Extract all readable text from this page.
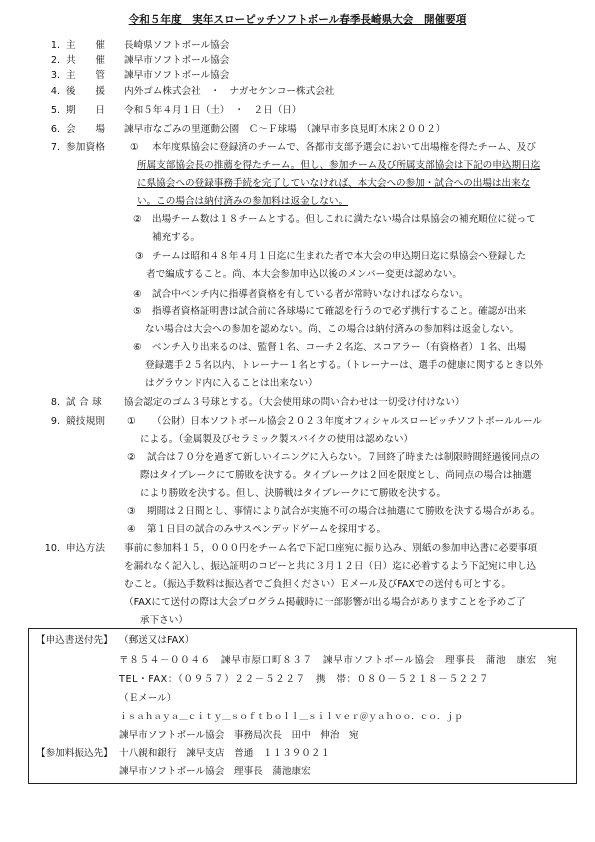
令和５年度　実年スローピッチソフトボール春季長崎県大会　開催要項
1. 主　　催	長崎県ソフトボール協会
2. 共　　催	諫早市ソフトボール協会
3. 主　　管	諫早市ソフトボール協会
4. 後　　援	内外ゴム株式会社　・　ナガセケンコー株式会社
5. 期　　日	令和５年４月１日（土）　・　２日（日）
6. 会　　場	諫早市なごみの里運動公園　Ｃ～Ｆ球場　（諫早市多良見町木床２００２）
7. 参加資格	① 本年度県協会に登録済のチームで、各都市支部予選会において出場権を得たチーム、及び
所属支部協会長の推薦を得たチーム。但し、参加チーム及び所属支部協会は下記の申込期日迄
に県協会への登録事務手続を完了していなければ、本大会への参加・試合への出場は出来な
い。この場合は納付済みの参加料は返金しない。
② 出場チーム数は１８チームとする。但しこれに満たない場合は県協会の補充順位に従って
補充する。
③ チームは昭和４８年４月１日迄に生まれた者で本大会の申込期日迄に県協会へ登録した
者で編成すること。尚、本大会参加申込以後のメンバー変更は認めない。
④ 試合中ベンチ内に指導者資格を有している者が常時いなければならない。
⑤ 指導者資格証明書は試合前に各球場にて確認を行うので必ず携行すること。確認が出来
ない場合は大会への参加を認めない。尚、この場合は納付済みの参加料は返金しない。
⑥ ベンチ入り出来るのは、監督１名、コーチ２名迄、スコアラー（有資格者）１名、出場
登録選手２５名以内、トレーナー１名とする。（トレーナーは、選手の健康に関するとき以外
はグラウンド内に入ることは出来ない）
8. 試 合 球	協会認定のゴム３号球とする。（大会使用球の問い合わせは一切受け付けない）
9. 競技規則	① （公財）日本ソフトボール協会２０２３年度オフィシャルスローピッチソフトボールルール
による。（金属製及びセラミック製スパイクの使用は認めない）
② 試合は７０分を過ぎて新しいイニングに入らない。７回終了時または制限時間経過後同点の
際はタイブレークにて勝敗を決する。タイブレークは２回を限度とし、尚同点の場合は抽選
により勝敗を決する。但し、決勝戦はタイブレークにて勝敗を決する。
③ 期間は２日間とし、事情により試合が実施不可の場合は抽選にて勝敗を決する場合がある。
④ 第１日目の試合のみサスペンデッドゲームを採用する。
10. 申込方法	事前に参加料１５，０００円をチーム名で下記口座宛に振り込み、別紙の参加申込書に必要事項
を漏れなく記入し、振込証明のコピーと共に３月１２日（日）迄に必着するよう下記宛に申し込
むこと。（振込手数料は振込者でご負担ください）Ｅメール及びFAXでの送付も可とする。
（FAXにて送付の際は大会プログラム掲載時に一部影響が出る場合がありますことを予めご了
承下さい）
【申込書送付先】 （郵送又はFAX）
〒８５４－００４６　諫早市原口町８３７　諫早市ソフトボール協会　理事長　蒲池　康宏　宛
TEL・FAX：（０９５７）２２－５２２７　携　帯：０８０－５２１８－５２２７
（Ｅメール）
ｉｓａｈａｙａ＿ｃｉｔｙ＿ｓｏｆｔｂｏｌｌ＿ｓｉｌｖｅｒ＠ｙａｈｏｏ．ｃｏ．ｊｐ
諫早市ソフトボール協会　事務局次長　田中　伸治　宛
【参加料振込先】 十八親和銀行　諫早支店　普通　１１３９０２１
諫早市ソフトボール協会　理事長　蒲池康宏
